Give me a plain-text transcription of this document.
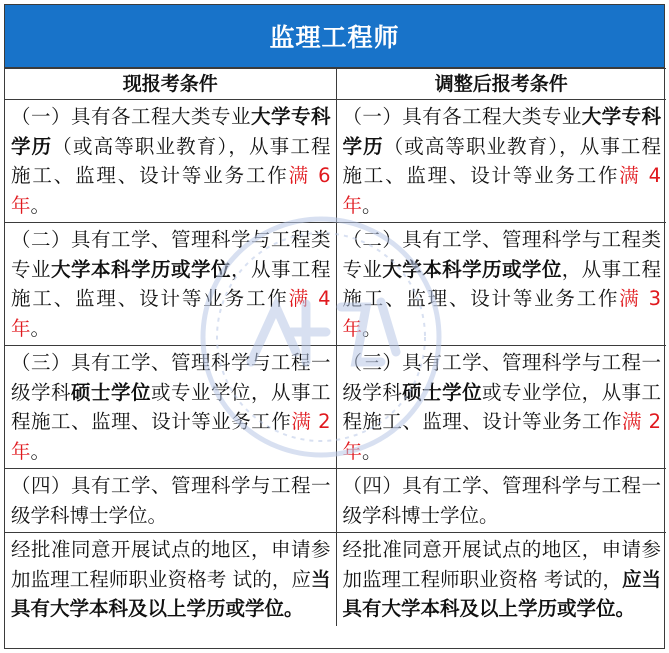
监理工程师
现报考条件	调整后报考条件
（一）具有各工程大类专业大学专科学历（或高等职业教育），从事工程施工、监理、设计等业务工作满 6 年。	（一）具有各工程大类专业大学专科学历（或高等职业教育），从事工程施工、监理、设计等业务工作满 4 年。
（二）具有工学、管理科学与工程类专业大学本科学历或学位，从事工程施工、监理、设计等业务工作满 4 年。	（二）具有工学、管理科学与工程类专业大学本科学历或学位，从事工程施工、监理、设计等业务工作满 3 年。
（三）具有工学、管理科学与工程一级学科硕士学位或专业学位，从事工程施工、监理、设计等业务工作满 2 年。	（三）具有工学、管理科学与工程一级学科硕士学位或专业学位，从事工程施工、监理、设计等业务工作满 2 年。
（四）具有工学、管理科学与工程一级学科博士学位。	（四）具有工学、管理科学与工程一级学科博士学位。
经批准同意开展试点的地区，申请参加监理工程师职业资格考 试的，应当具有大学本科及以上学历或学位。	经批准同意开展试点的地区，申请参加监理工程师职业资格 考试的，应当具有大学本科及以上学历或学位。
